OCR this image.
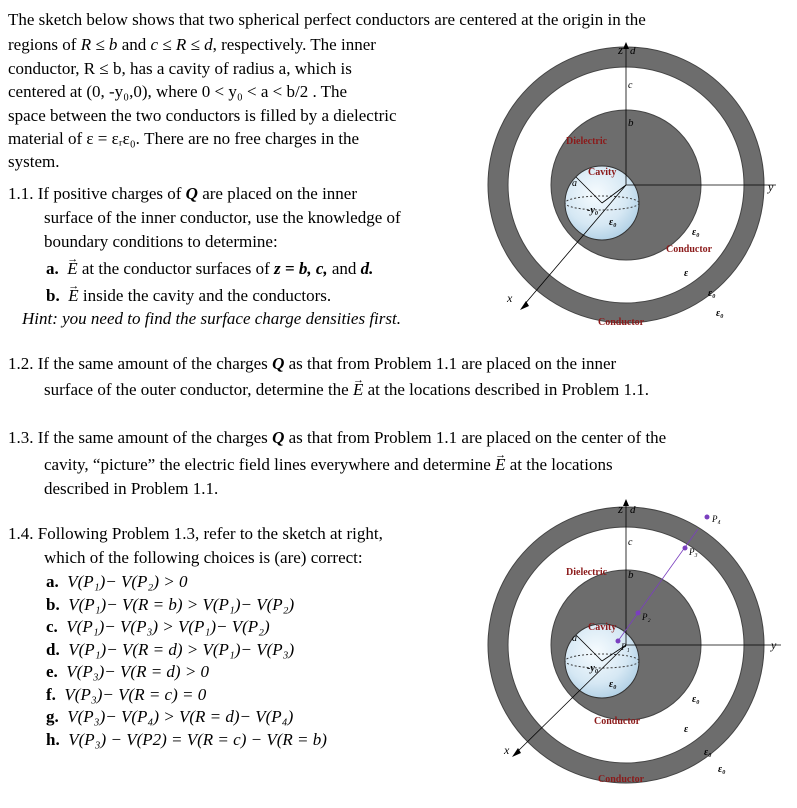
The sketch below shows that two spherical perfect conductors are centered at the origin in the
regions of R ≤ b and c ≤ R ≤ d, respectively. The inner
conductor, R ≤ b, has a cavity of radius a, which is
centered at (0, -y₀,0), where 0 < y₀ < a < b/2 . The
space between the two conductors is filled by a dielectric
material of ε = εᵣε₀. There are no free charges in the
system.
1.1. If positive charges of Q are placed on the inner
surface of the inner conductor, use the knowledge of
boundary conditions to determine:
a. → E at the conductor surfaces of z = b, c, and d.
b. → E inside the cavity and the conductors.
Hint: you need to find the surface charge densities first.
1.2. If the same amount of the charges Q as that from Problem 1.1 are placed on the inner
surface of the outer conductor, determine the → E at the locations described in Problem 1.1.
1.3. If the same amount of the charges Q as that from Problem 1.1 are placed on the center of the
cavity, “picture” the electric field lines everywhere and determine → E at the locations
described in Problem 1.1.
1.4. Following Problem 1.3, refer to the sketch at right,
which of the following choices is (are) correct:
a. V(P₁)− V(P₂) > 0
b. V(P₁)− V(R = b) > V(P₁)− V(P₂)
c. V(P₁)− V(P₃) > V(P₁)− V(P₂)
d. V(P₁)− V(R = d) > V(P₁)− V(P₃)
e. V(P₃)− V(R = d) > 0
f. V(P₃)− V(R = c) = 0
g. V(P₃)− V(P₄) > V(R = d)− V(P₄)
h. V(P₃) − V(P2) = V(R = c) − V(R = b)
z d
c
b
Dielectric
Cavity
y
x
a
-y₀
ε₀
Conductor
ε₀
ε
ε₀
ε₀
Conductor
P₁
P₂
P₃
P₄
z d
c
b
Dielectric
Cavity
y
x
a
-y₀
ε₀
Conductor
ε₀
ε
ε₀
ε₀
Conductor
